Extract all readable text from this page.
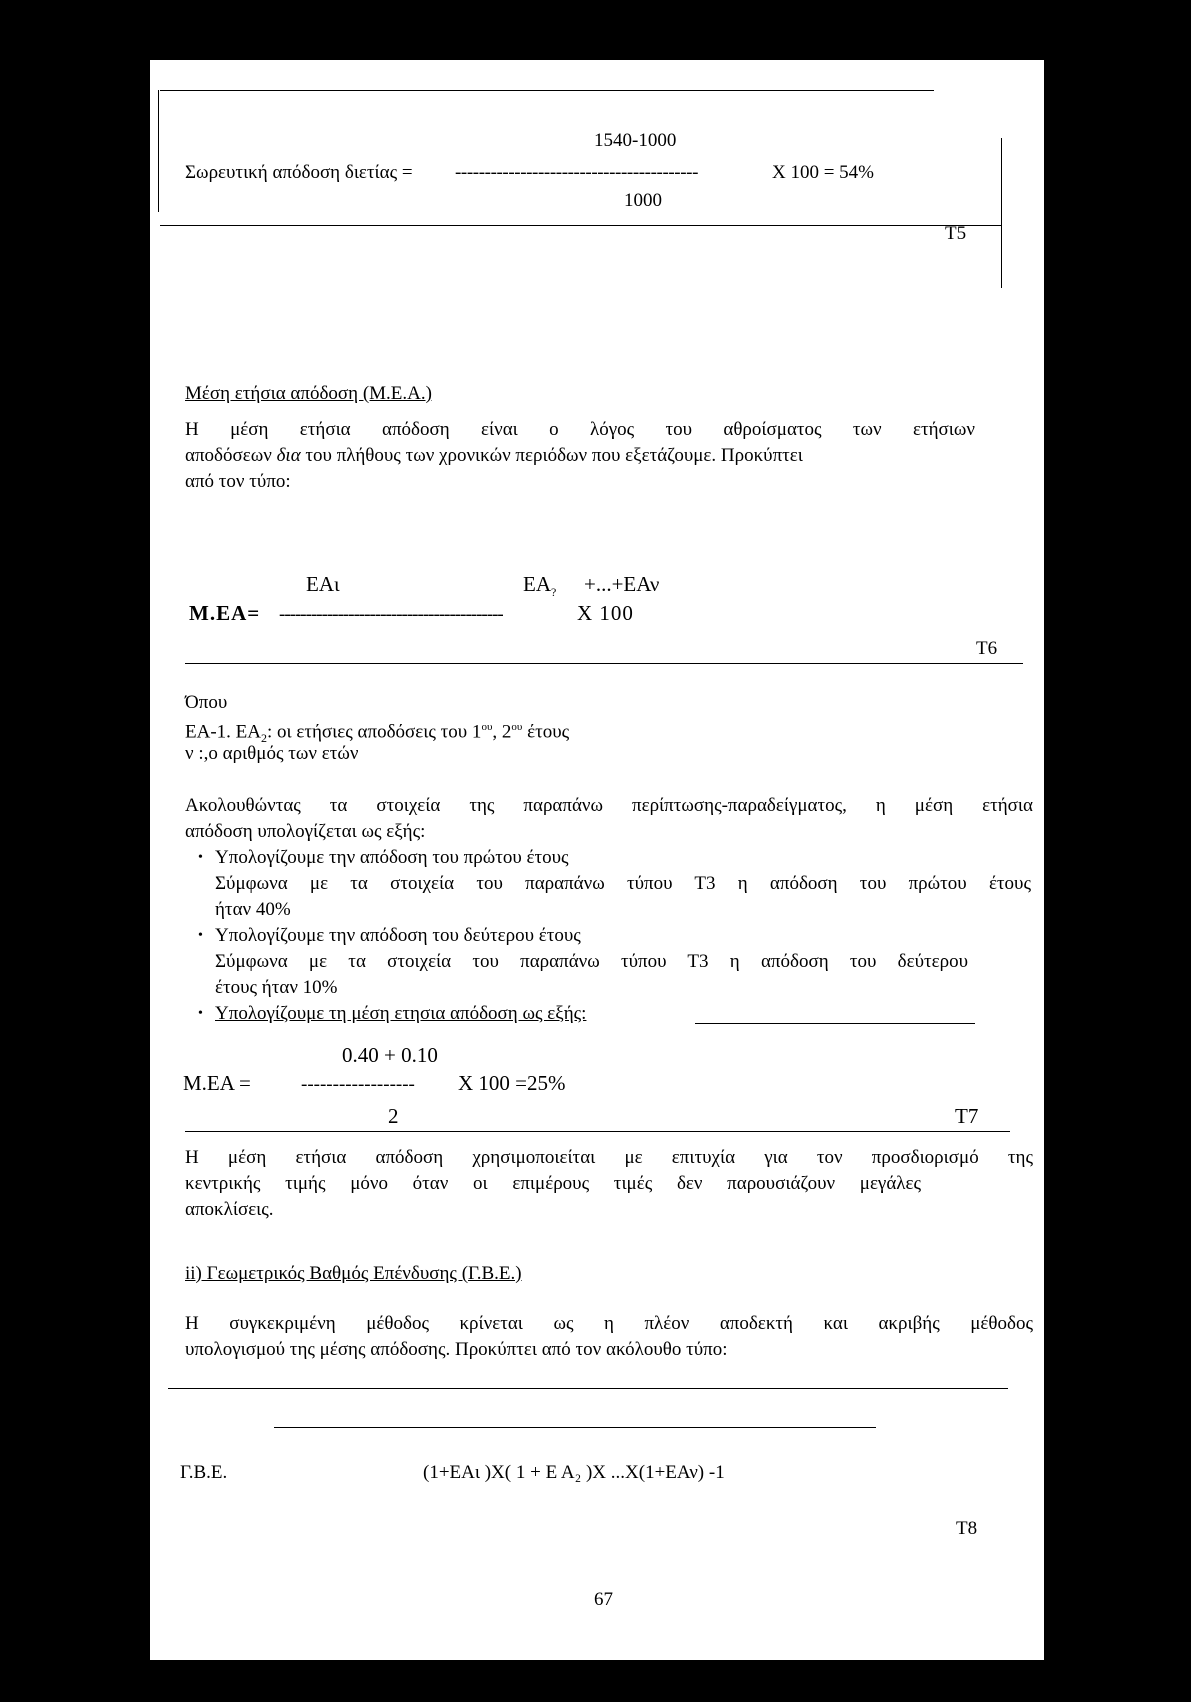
1540-1000
Σωρευτική απόδοση διετίας = -----------------------------------------	Χ 100 = 54%
1000
Τ5
Μέση ετήσια απόδοση (Μ.Ε.Α.)
Η μέση ετήσια απόδοση είναι ο λόγος του αθροίσματος των ετήσιων
αποδόσεων δια του πλήθους των χρονικών περιόδων που εξετάζουμε. Προκύπτει
από τον τύπο:
ΕΑι	$EA_? +...+EA\nu$
Μ.ΕΑ= ------------------------------------------	Χ 100
Τ6
Όπου
ΕΑ-1. $EA_2$: οι ετήσιες αποδόσεις του $1^{o\upsilon}$, $2^{o\upsilon}$ έτους
ν :,ο αριθμός των ετών
Ακολουθώντας τα στοιχεία της παραπάνω περίπτωσης-παραδείγματος, η μέση ετήσια
απόδοση υπολογίζεται ως εξής:
• Υπολογίζουμε την απόδοση του πρώτου έτους
Σύμφωνα με τα στοιχεία του παραπάνω τύπου Τ3 η απόδοση του πρώτου έτους
ήταν 40%
• Υπολογίζουμε την απόδοση του δεύτερου έτους
Σύμφωνα με τα στοιχεία του παραπάνω τύπου Τ3 η απόδοση του δεύτερου
έτους ήταν 10%
• Υπολογίζουμε τη μέση ετησια απόδοση ως εξής:
0.40 + 0.10
Μ.ΕΑ =	------------------ Χ 100 =25%
2	Τ7
Η μέση ετήσια απόδοση χρησιμοποιείται με επιτυχία για τον προσδιορισμό της
κεντρικής τιμής μόνο όταν οι επιμέρους τιμές δεν παρουσιάζουν μεγάλες
αποκλίσεις.
ii) Γεωμετρικός Βαθμός Επένδυσης (Γ.Β.Ε.)
Η συγκεκριμένη μέθοδος κρίνεται ως η πλέον αποδεκτή και ακριβής μέθοδος
υπολογισμού της μέσης απόδοσης. Προκύπτει από τον ακόλουθο τύπο:
Γ.Β.Ε.	(1+ΕΑι )Χ( 1 + Ε Α₂ )Χ ...Χ(1+ΕΑν) -1
Τ8
67
